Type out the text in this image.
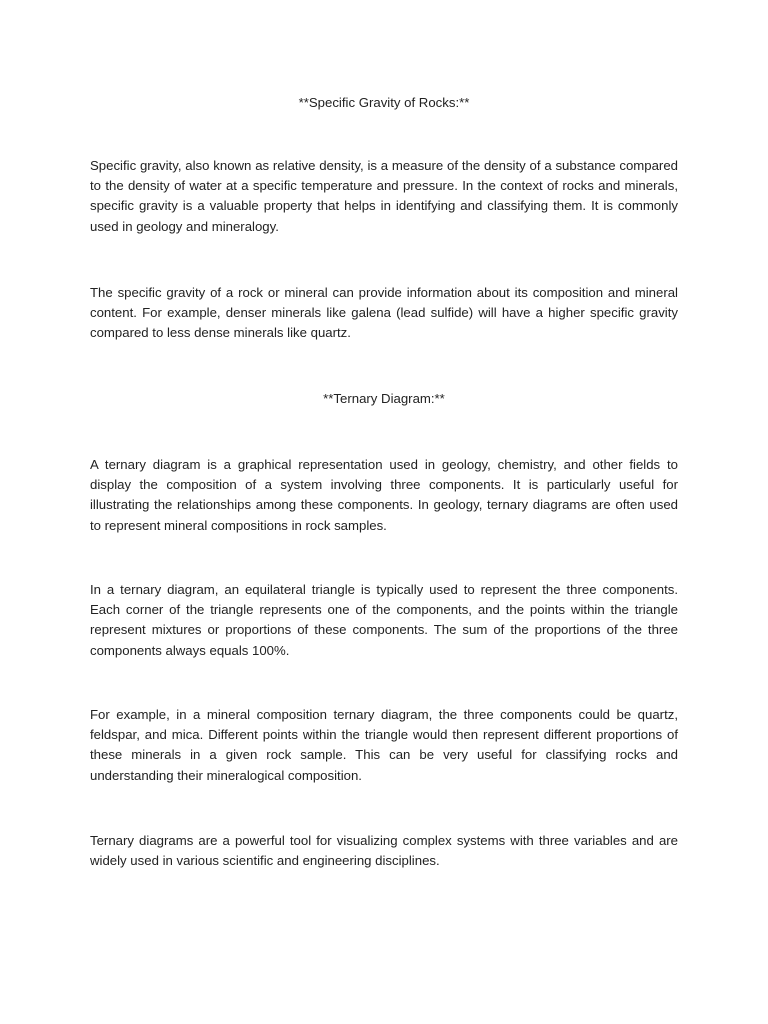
**Specific Gravity of Rocks:**

Specific gravity, also known as relative density, is a measure of the density of a substance compared to the density of water at a specific temperature and pressure. In the context of rocks and minerals, specific gravity is a valuable property that helps in identifying and classifying them. It is commonly used in geology and mineralogy.

The specific gravity of a rock or mineral can provide information about its composition and mineral content. For example, denser minerals like galena (lead sulfide) will have a higher specific gravity compared to less dense minerals like quartz.

**Ternary Diagram:**

A ternary diagram is a graphical representation used in geology, chemistry, and other fields to display the composition of a system involving three components. It is particularly useful for illustrating the relationships among these components. In geology, ternary diagrams are often used to represent mineral compositions in rock samples.

In a ternary diagram, an equilateral triangle is typically used to represent the three components. Each corner of the triangle represents one of the components, and the points within the triangle represent mixtures or proportions of these components. The sum of the proportions of the three components always equals 100%.

For example, in a mineral composition ternary diagram, the three components could be quartz, feldspar, and mica. Different points within the triangle would then represent different proportions of these minerals in a given rock sample. This can be very useful for classifying rocks and understanding their mineralogical composition.

Ternary diagrams are a powerful tool for visualizing complex systems with three variables and are widely used in various scientific and engineering disciplines.
